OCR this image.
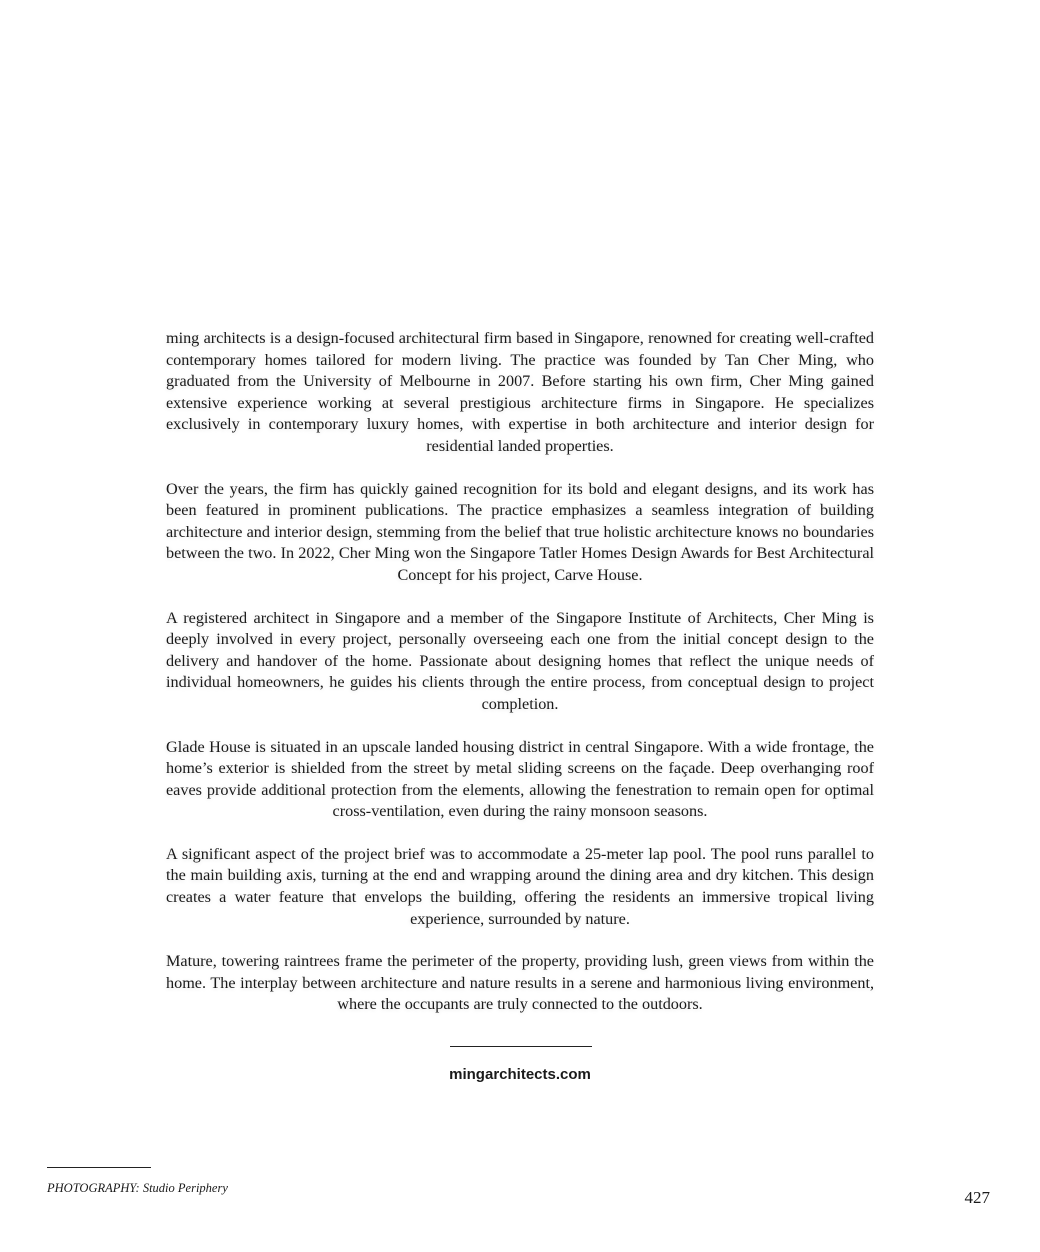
ming architects is a design-focused architectural firm based in Singapore, renowned for creating well-crafted contemporary homes tailored for modern living. The practice was founded by Tan Cher Ming, who graduated from the University of Melbourne in 2007. Before starting his own firm, Cher Ming gained extensive experience working at several prestigious architecture firms in Singapore. He specializes exclusively in contemporary luxury homes, with expertise in both architecture and interior design for residential landed properties.

Over the years, the firm has quickly gained recognition for its bold and elegant designs, and its work has been featured in prominent publications. The practice emphasizes a seamless integration of building architecture and interior design, stemming from the belief that true holistic architecture knows no boundaries between the two. In 2022, Cher Ming won the Singapore Tatler Homes Design Awards for Best Architectural Concept for his project, Carve House.

A registered architect in Singapore and a member of the Singapore Institute of Architects, Cher Ming is deeply involved in every project, personally overseeing each one from the initial concept design to the delivery and handover of the home. Passionate about designing homes that reflect the unique needs of individual homeowners, he guides his clients through the entire process, from conceptual design to project completion.

Glade House is situated in an upscale landed housing district in central Singapore. With a wide frontage, the home’s exterior is shielded from the street by metal sliding screens on the façade. Deep overhanging roof eaves provide additional protection from the elements, allowing the fenestration to remain open for optimal cross-ventilation, even during the rainy monsoon seasons.

A significant aspect of the project brief was to accommodate a 25-meter lap pool. The pool runs parallel to the main building axis, turning at the end and wrapping around the dining area and dry kitchen. This design creates a water feature that envelops the building, offering the residents an immersive tropical living experience, surrounded by nature.

Mature, towering raintrees frame the perimeter of the property, providing lush, green views from within the home. The interplay between architecture and nature results in a serene and harmonious living environment, where the occupants are truly connected to the outdoors.

mingarchitects.com
PHOTOGRAPHY: Studio Periphery	427
